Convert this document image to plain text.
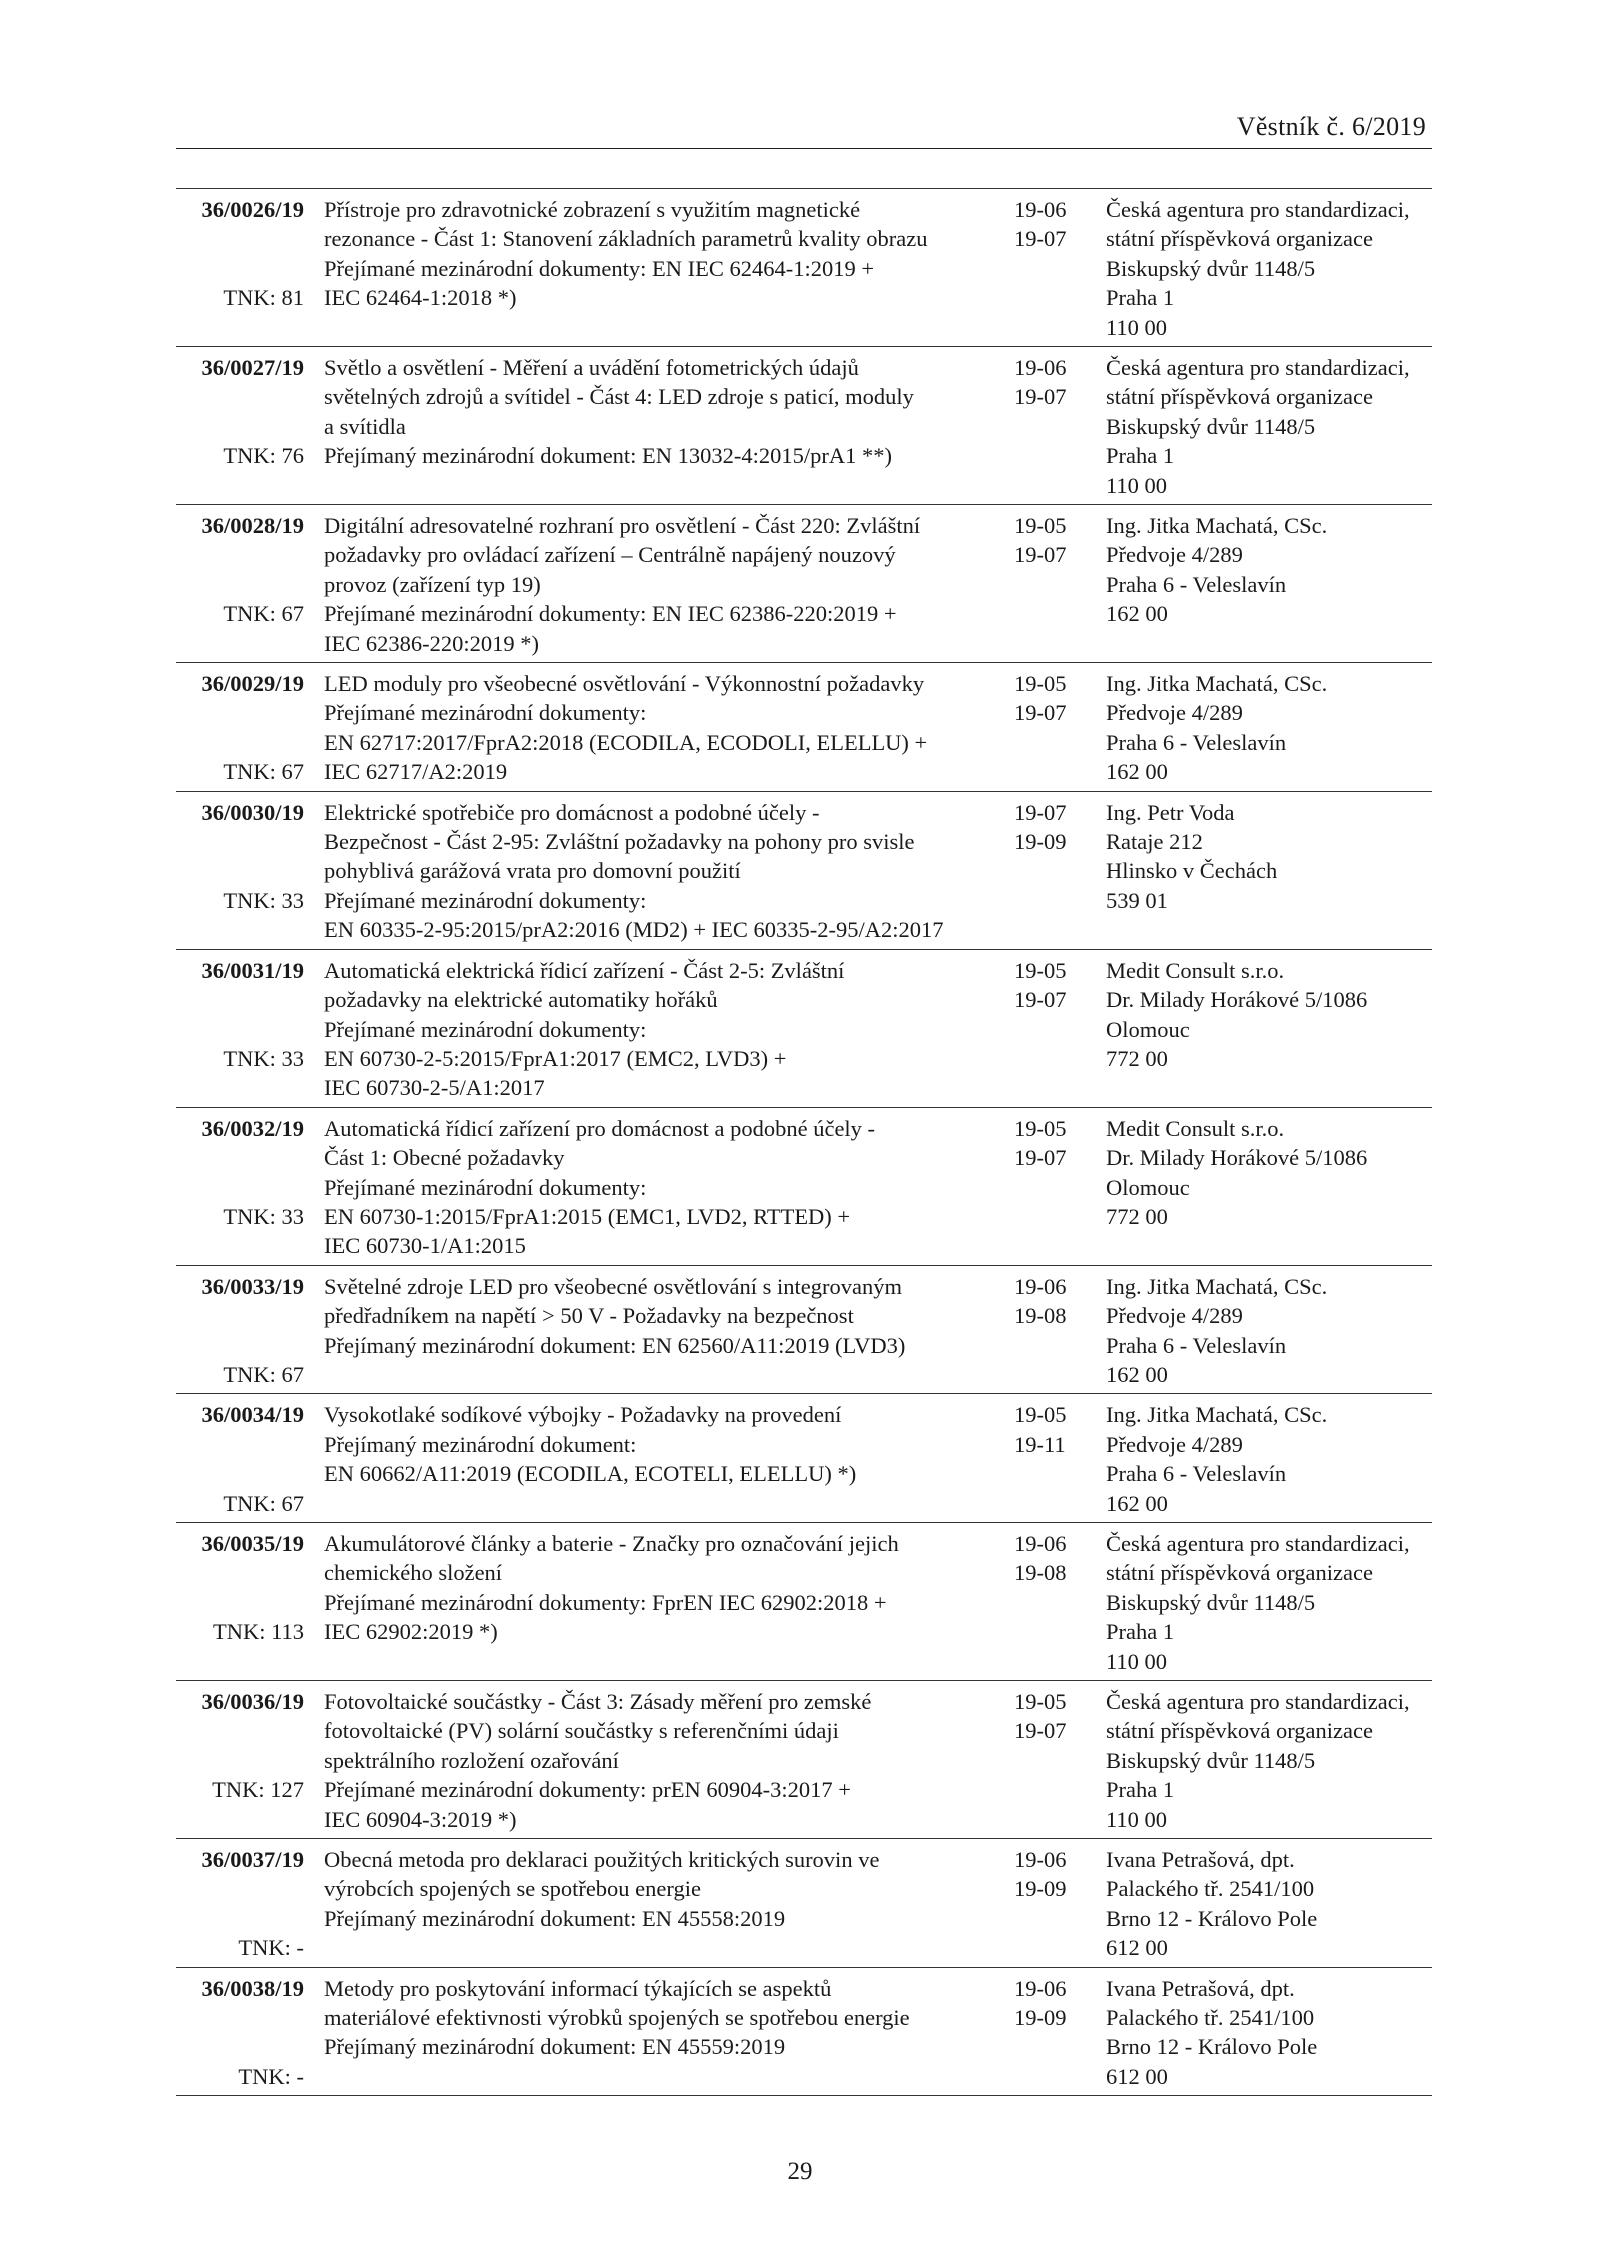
Věstník č. 6/2019
36/0026/19
TNK: 81
Přístroje pro zdravotnické zobrazení s využitím magnetické
rezonance - Část 1: Stanovení základních parametrů kvality obrazu
Přejímané mezinárodní dokumenty: EN IEC 62464-1:2019 +
IEC 62464-1:2018 *)
19-06
19-07
Česká agentura pro standardizaci,
státní příspěvková organizace
Biskupský dvůr 1148/5
Praha 1
110 00
36/0027/19
TNK: 76
Světlo a osvětlení - Měření a uvádění fotometrických údajů
světelných zdrojů a svítidel - Část 4: LED zdroje s paticí, moduly
a svítidla
Přejímaný mezinárodní dokument: EN 13032-4:2015/prA1 **)
19-06
19-07
Česká agentura pro standardizaci,
státní příspěvková organizace
Biskupský dvůr 1148/5
Praha 1
110 00
36/0028/19
TNK: 67
Digitální adresovatelné rozhraní pro osvětlení - Část 220: Zvláštní
požadavky pro ovládací zařízení – Centrálně napájený nouzový
provoz (zařízení typ 19)
Přejímané mezinárodní dokumenty: EN IEC 62386-220:2019 +
IEC 62386-220:2019 *)
19-05
19-07
Ing. Jitka Machatá, CSc.
Předvoje 4/289
Praha 6 - Veleslavín
162 00
36/0029/19
TNK: 67
LED moduly pro všeobecné osvětlování - Výkonnostní požadavky
Přejímané mezinárodní dokumenty:
EN 62717:2017/FprA2:2018 (ECODILA, ECODOLI, ELELLU) +
IEC 62717/A2:2019
19-05
19-07
Ing. Jitka Machatá, CSc.
Předvoje 4/289
Praha 6 - Veleslavín
162 00
36/0030/19
TNK: 33
Elektrické spotřebiče pro domácnost a podobné účely -
Bezpečnost - Část 2-95: Zvláštní požadavky na pohony pro svisle
pohyblivá garážová vrata pro domovní použití
Přejímané mezinárodní dokumenty:
EN 60335-2-95:2015/prA2:2016 (MD2) + IEC 60335-2-95/A2:2017
19-07
19-09
Ing. Petr Voda
Rataje 212
Hlinsko v Čechách
539 01
36/0031/19
TNK: 33
Automatická elektrická řídicí zařízení - Část 2-5: Zvláštní
požadavky na elektrické automatiky hořáků
Přejímané mezinárodní dokumenty:
EN 60730-2-5:2015/FprA1:2017 (EMC2, LVD3) +
IEC 60730-2-5/A1:2017
19-05
19-07
Medit Consult s.r.o.
Dr. Milady Horákové 5/1086
Olomouc
772 00
36/0032/19
TNK: 33
Automatická řídicí zařízení pro domácnost a podobné účely -
Část 1: Obecné požadavky
Přejímané mezinárodní dokumenty:
EN 60730-1:2015/FprA1:2015 (EMC1, LVD2, RTTED) +
IEC 60730-1/A1:2015
19-05
19-07
Medit Consult s.r.o.
Dr. Milady Horákové 5/1086
Olomouc
772 00
36/0033/19
TNK: 67
Světelné zdroje LED pro všeobecné osvětlování s integrovaným
předřadníkem na napětí > 50 V - Požadavky na bezpečnost
Přejímaný mezinárodní dokument: EN 62560/A11:2019 (LVD3)
19-06
19-08
Ing. Jitka Machatá, CSc.
Předvoje 4/289
Praha 6 - Veleslavín
162 00
36/0034/19
TNK: 67
Vysokotlaké sodíkové výbojky - Požadavky na provedení
Přejímaný mezinárodní dokument:
EN 60662/A11:2019 (ECODILA, ECOTELI, ELELLU) *)
19-05
19-11
Ing. Jitka Machatá, CSc.
Předvoje 4/289
Praha 6 - Veleslavín
162 00
36/0035/19
TNK: 113
Akumulátorové články a baterie - Značky pro označování jejich
chemického složení
Přejímané mezinárodní dokumenty: FprEN IEC 62902:2018 +
IEC 62902:2019 *)
19-06
19-08
Česká agentura pro standardizaci,
státní příspěvková organizace
Biskupský dvůr 1148/5
Praha 1
110 00
36/0036/19
TNK: 127
Fotovoltaické součástky - Část 3: Zásady měření pro zemské
fotovoltaické (PV) solární součástky s referenčními údaji
spektrálního rozložení ozařování
Přejímané mezinárodní dokumenty: prEN 60904-3:2017 +
IEC 60904-3:2019 *)
19-05
19-07
Česká agentura pro standardizaci,
státní příspěvková organizace
Biskupský dvůr 1148/5
Praha 1
110 00
36/0037/19
TNK: -
Obecná metoda pro deklaraci použitých kritických surovin ve
výrobcích spojených se spotřebou energie
Přejímaný mezinárodní dokument: EN 45558:2019
19-06
19-09
Ivana Petrašová, dpt.
Palackého tř. 2541/100
Brno 12 - Královo Pole
612 00
36/0038/19
TNK: -
Metody pro poskytování informací týkajících se aspektů
materiálové efektivnosti výrobků spojených se spotřebou energie
Přejímaný mezinárodní dokument: EN 45559:2019
19-06
19-09
Ivana Petrašová, dpt.
Palackého tř. 2541/100
Brno 12 - Královo Pole
612 00
29
